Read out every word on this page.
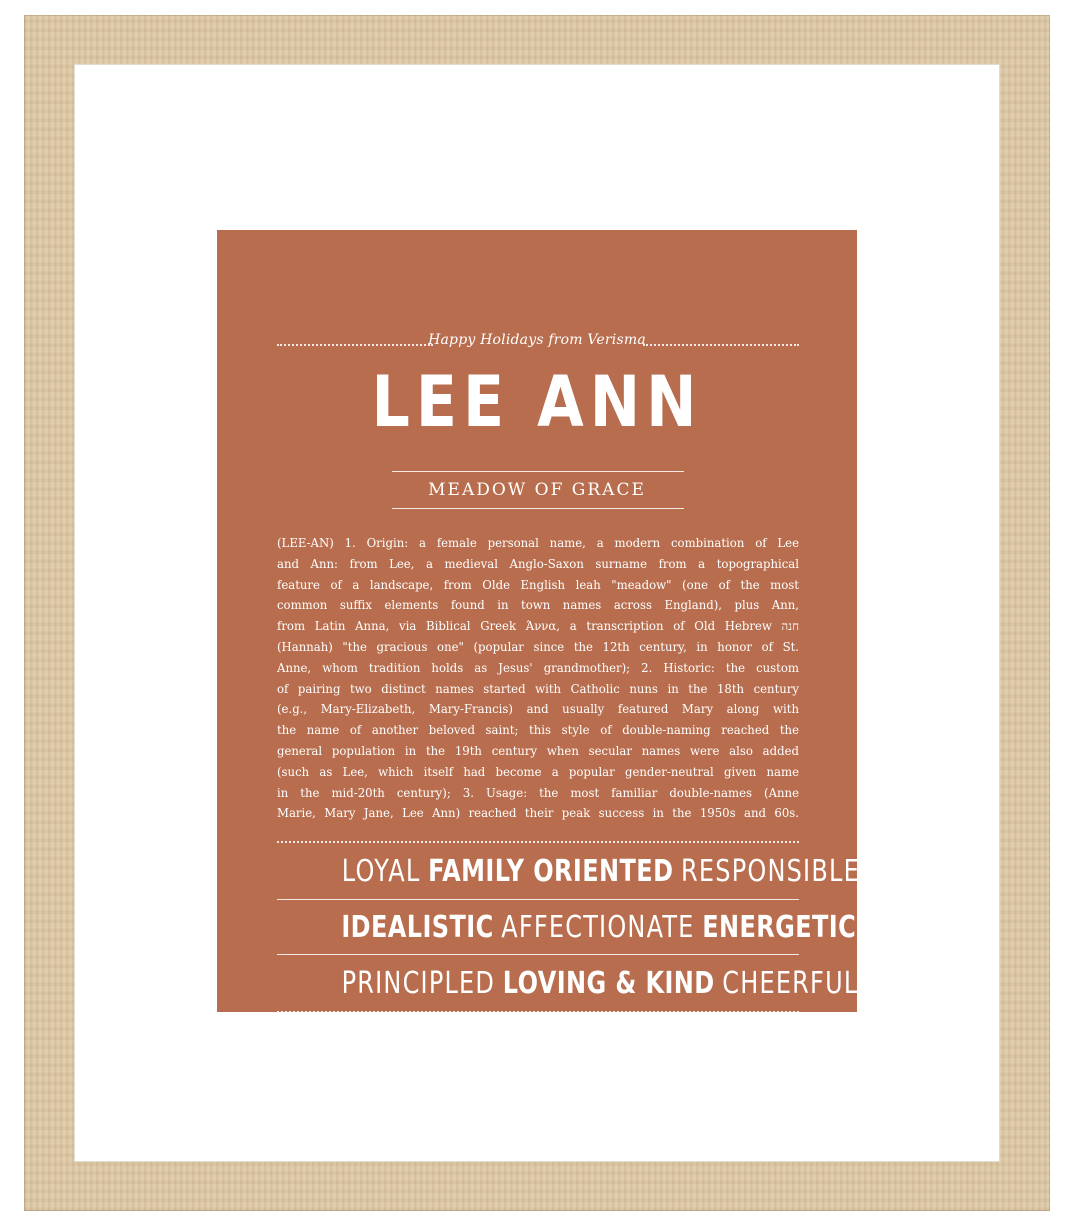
Happy Holidays from Verisma
LEE ANN
MEADOW OF GRACE
(LEE-AN) 1. Origin: a female personal name, a modern combination of Lee
and Ann: from Lee, a medieval Anglo-Saxon surname from a topographical
feature of a landscape, from Olde English leah "meadow" (one of the most
common suffix elements found in town names across England), plus Ann,
from Latin Anna, via Biblical Greek Άννα, a transcription of Old Hebrew חנה
(Hannah) "the gracious one" (popular since the 12th century, in honor of St.
Anne, whom tradition holds as Jesus' grandmother); 2. Historic: the custom
of pairing two distinct names started with Catholic nuns in the 18th century
(e.g., Mary-Elizabeth, Mary-Francis) and usually featured Mary along with
the name of another beloved saint; this style of double-naming reached the
general population in the 19th century when secular names were also added
(such as Lee, which itself had become a popular gender-neutral given name
in the mid-20th century); 3. Usage: the most familiar double-names (Anne
Marie, Mary Jane, Lee Ann) reached their peak success in the 1950s and 60s.
LOYAL FAMILY ORIENTED RESPONSIBLE
IDEALISTIC AFFECTIONATE ENERGETIC
PRINCIPLED LOVING & KIND CHEERFUL
